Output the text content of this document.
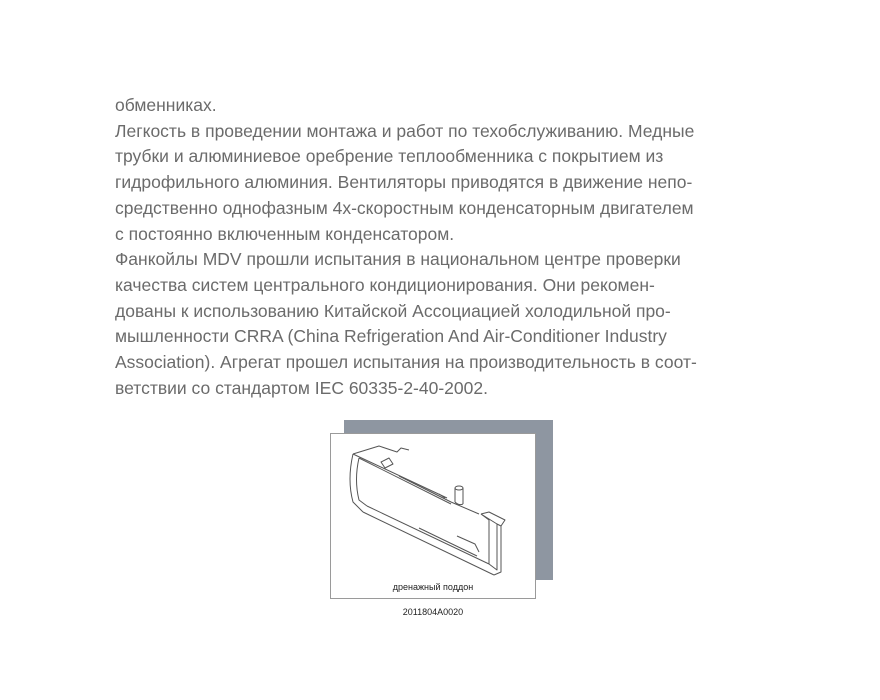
обменниках.

Легкость в проведении монтажа и работ по техобслуживанию. Медные

трубки и алюминиевое оребрение теплообменника с покрытием из

гидрофильного алюминия. Вентиляторы приводятся в движение непо-

средственно однофазным 4х-скоростным конденсаторным двигателем

с постоянно включенным конденсатором.

Фанкойлы MDV прошли испытания в национальном центре проверки

качества систем центрального кондиционирования. Они рекомен-

дованы к использованию Китайской Ассоциацией холодильной про-

мышленности CRRA (China Refrigeration And Air-Conditioner Industry

Association). Агрегат прошел испытания на производительность в соот-

ветствии со стандартом IEC 60335-2-40-2002.

дренажный поддон
2011804A0020
